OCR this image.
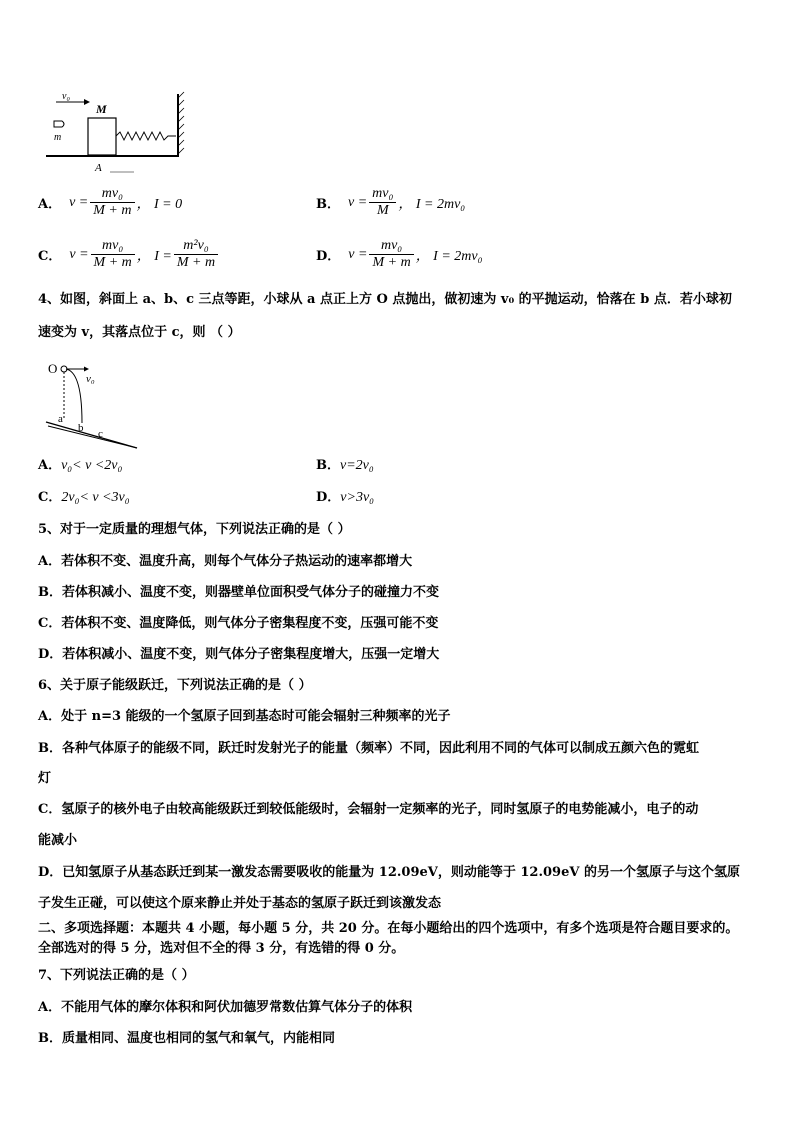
v₀
M
m
A
A． $v = \frac{\text{mv₀}}{M + m}$ ， I = 0	B． $v = \frac{\text{mv₀}}{M}$ ， I = 2mv₀
C． $v = \frac{\text{mv₀}}{M + m}$ ， $I = \frac{\text{m²v₀}}{M + m}$	D． $v = \frac{\text{mv₀}}{M + m}$ ， I = 2mv₀
4、如图，斜面上 a、b、c 三点等距，小球从 a 点正上方 O 点抛出，做初速为 v₀ 的平抛运动，恰落在 b 点．若小球初
速变为 v，其落点位于 c，则 （ ）
O
v₀
a
b c
A．v₀< v <2v₀	B．v=2v₀
C．2v₀< v <3v₀	D．v>3v₀
5、对于一定质量的理想气体，下列说法正确的是（ ）
A．若体积不变、温度升高，则每个气体分子热运动的速率都增大
B．若体积减小、温度不变，则器壁单位面积受气体分子的碰撞力不变
C．若体积不变、温度降低，则气体分子密集程度不变，压强可能不变
D．若体积减小、温度不变，则气体分子密集程度增大，压强一定增大
6、关于原子能级跃迁，下列说法正确的是（ ）
A．处于 n=3 能级的一个氢原子回到基态时可能会辐射三种频率的光子
B．各种气体原子的能级不同，跃迁时发射光子的能量（频率）不同，因此利用不同的气体可以制成五颜六色的霓虹
灯
C．氢原子的核外电子由较高能级跃迁到较低能级时，会辐射一定频率的光子，同时氢原子的电势能减小，电子的动
能减小
D．已知氢原子从基态跃迁到某一激发态需要吸收的能量为 12.09eV，则动能等于 12.09eV 的另一个氢原子与这个氢原
子发生正碰，可以使这个原来静止并处于基态的氢原子跃迁到该激发态
二、多项选择题：本题共 4 小题，每小题 5 分，共 20 分。在每小题给出的四个选项中，有多个选项是符合题目要求的。
全部选对的得 5 分，选对但不全的得 3 分，有选错的得 0 分。
7、下列说法正确的是（ ）
A．不能用气体的摩尔体积和阿伏加德罗常数估算气体分子的体积
B．质量相同、温度也相同的氢气和氧气，内能相同
